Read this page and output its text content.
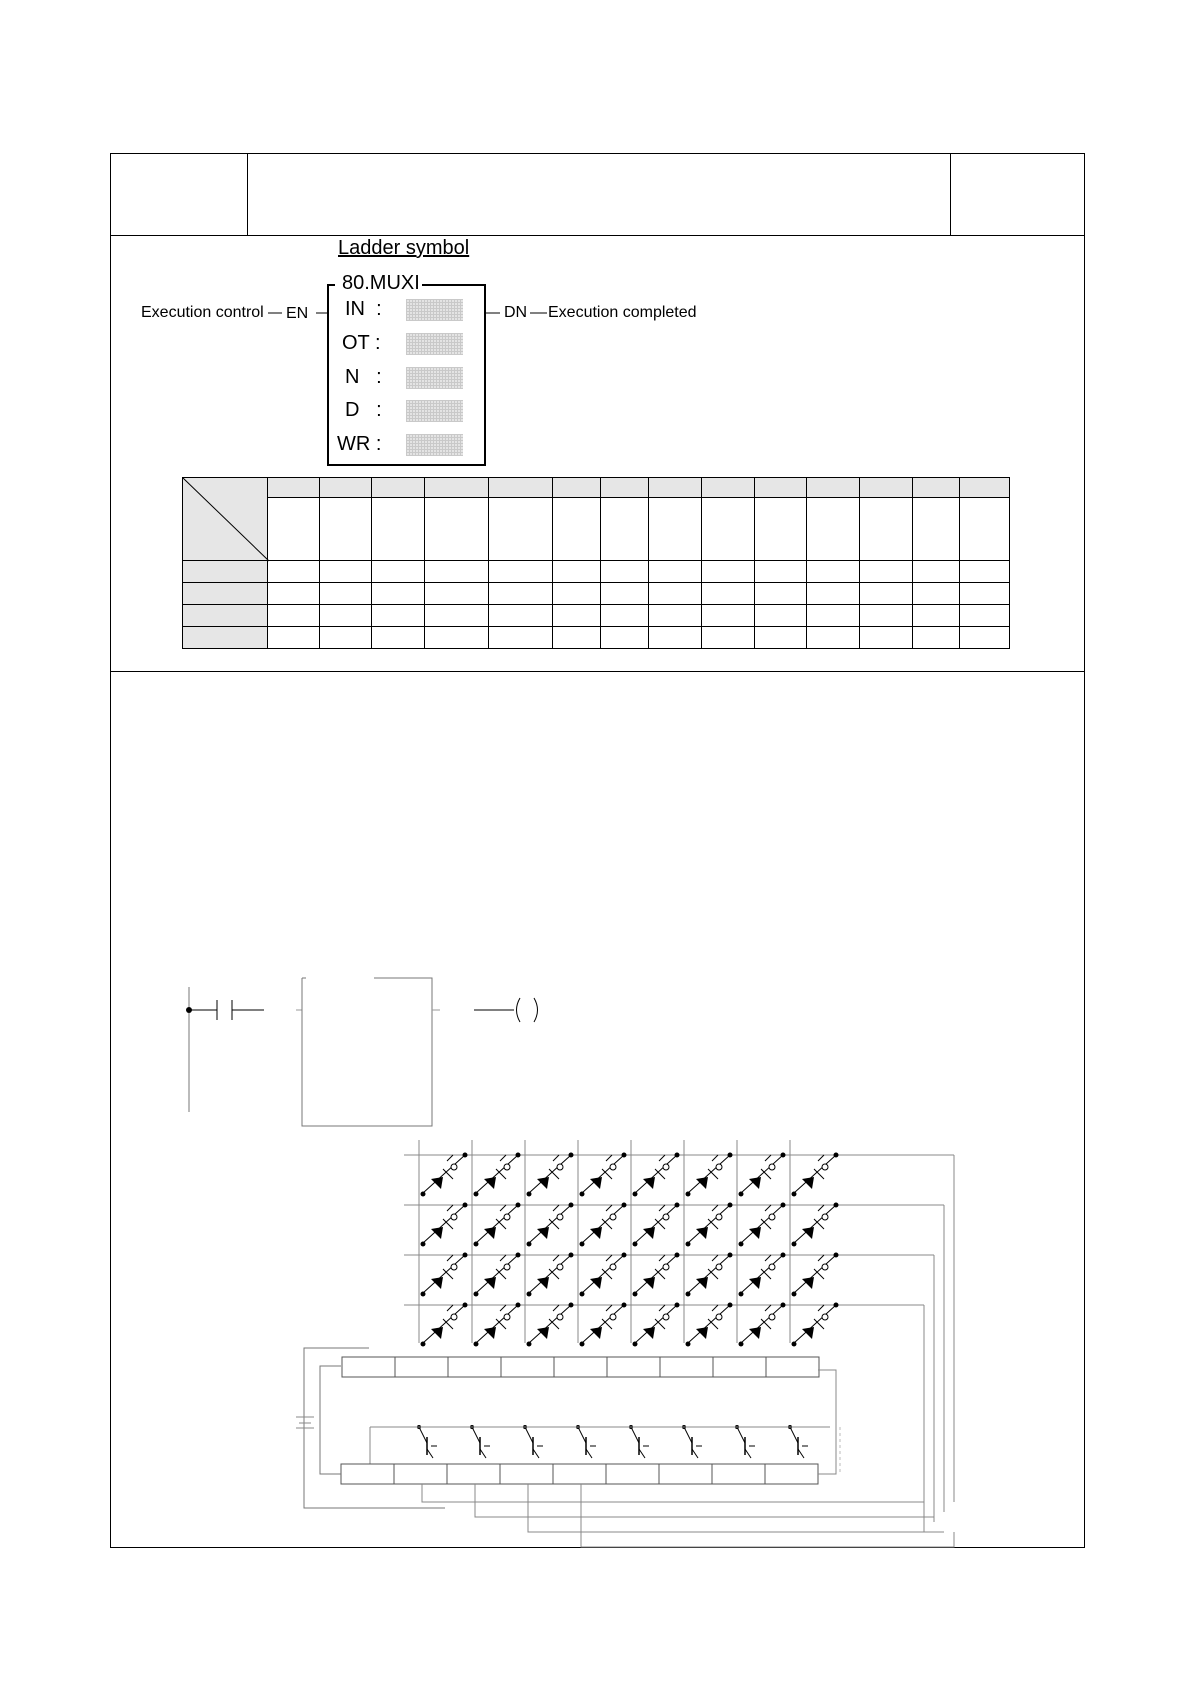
Ladder symbol
80.MUXI
Execution control EN	DN Execution completed
IN  :
OT :
N   :
D   :
WR :
